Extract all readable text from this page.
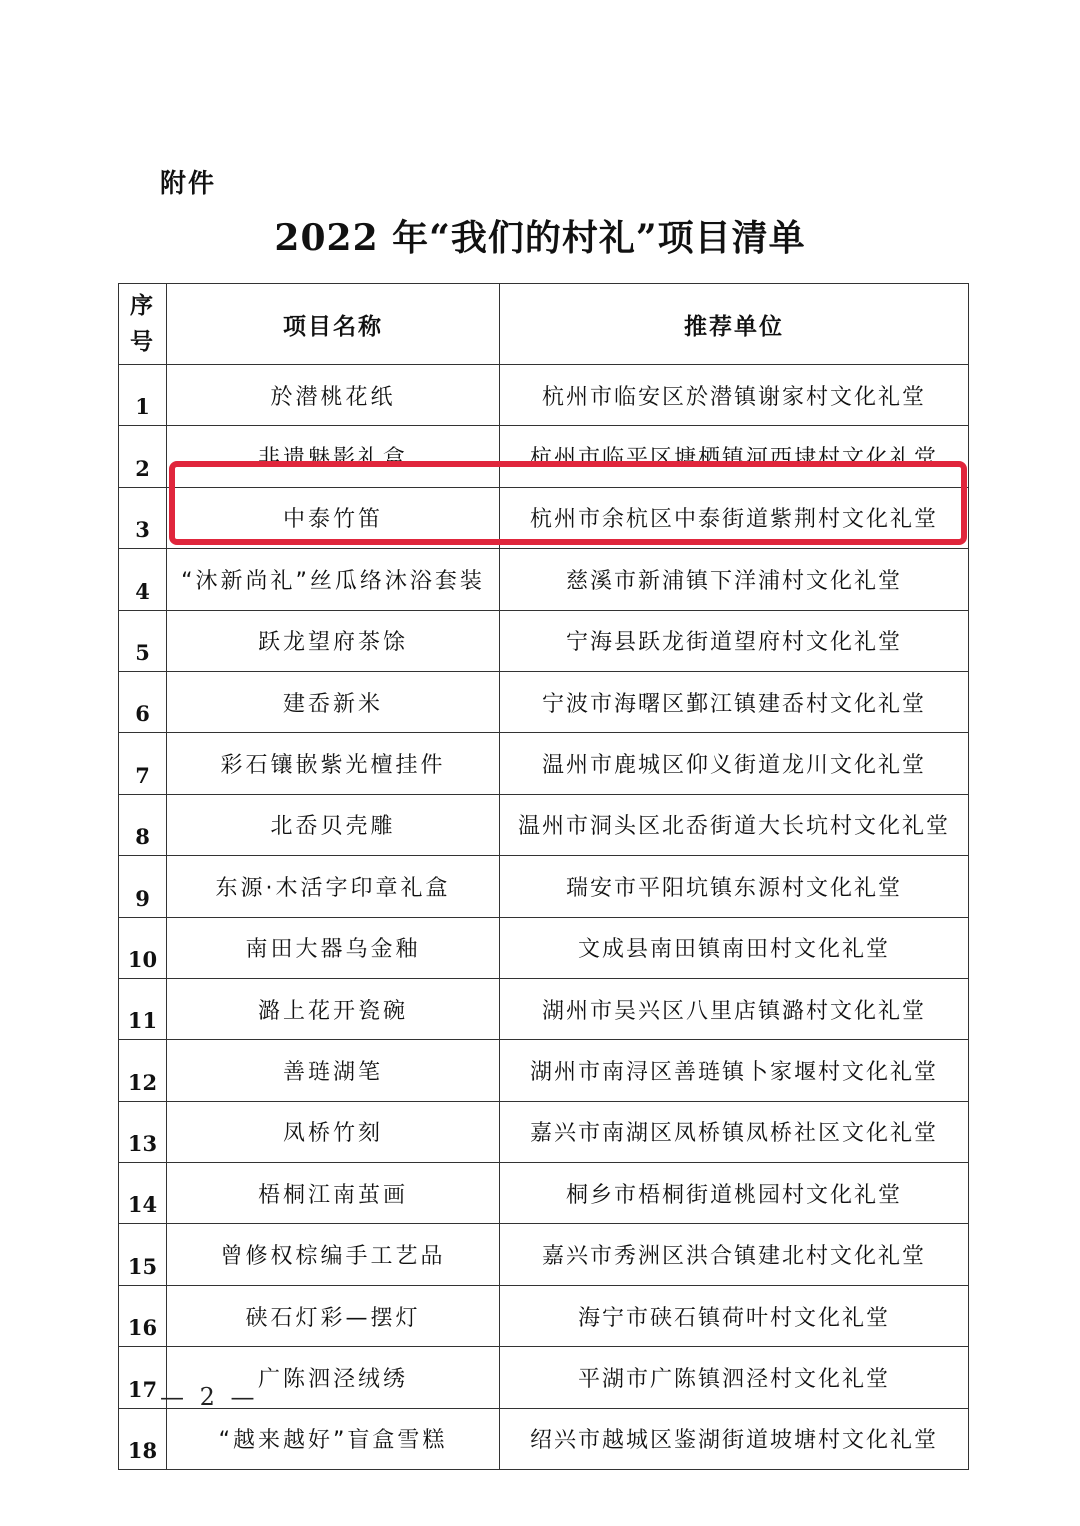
附件
2022 年“我们的村礼”项目清单
序
号	项目名称	推荐单位
1	於潜桃花纸	杭州市临安区於潜镇谢家村文化礼堂
2	非遗魅影礼盒	杭州市临平区塘栖镇河西埭村文化礼堂
3	中泰竹笛	杭州市余杭区中泰街道紫荆村文化礼堂
4	“沐新尚礼”丝瓜络沐浴套装	慈溪市新浦镇下洋浦村文化礼堂
5	跃龙望府茶馀	宁海县跃龙街道望府村文化礼堂
6	建岙新米	宁波市海曙区鄞江镇建岙村文化礼堂
7	彩石镶嵌紫光檀挂件	温州市鹿城区仰义街道龙川文化礼堂
8	北岙贝壳雕	温州市洞头区北岙街道大长坑村文化礼堂
9	东源·木活字印章礼盒	瑞安市平阳坑镇东源村文化礼堂
10	南田大器乌金釉	文成县南田镇南田村文化礼堂
11	潞上花开瓷碗	湖州市吴兴区八里店镇潞村文化礼堂
12	善琏湖笔	湖州市南浔区善琏镇卜家堰村文化礼堂
13	凤桥竹刻	嘉兴市南湖区凤桥镇凤桥社区文化礼堂
14	梧桐江南茧画	桐乡市梧桐街道桃园村文化礼堂
15	曾修权棕编手工艺品	嘉兴市秀洲区洪合镇建北村文化礼堂
16	硖石灯彩—摆灯	海宁市硖石镇荷叶村文化礼堂
17	广陈泗泾绒绣	平湖市广陈镇泗泾村文化礼堂
18	“越来越好”盲盒雪糕	绍兴市越城区鉴湖街道坡塘村文化礼堂
— 2 —
